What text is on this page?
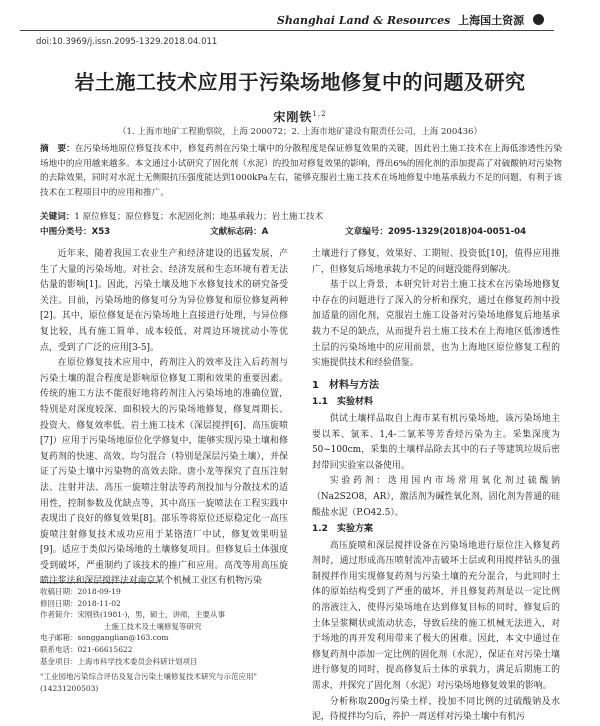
Shanghai Land & Resources 上海国土资源
doi:10.3969/j.issn.2095-1329.2018.04.011
岩土施工技术应用于污染场地修复中的问题及研究
宋刚铁$^{1,2}$
（1. 上海市地矿工程勘察院，上海 200072；2. 上海市地矿建设有限责任公司，上海 200436）
摘　要：在污染场地原位修复技术中，修复药剂在污染土壤中的分散程度是保证修复效果的关键，因此岩土施工技术在上海低渗透性污染场地中的应用越来越多。本文通过小试研究了固化剂（水泥）的投加对修复效果的影响，得出6%的固化剂的添加提高了对硫酸钠对污染物的去除效果，同时对水泥土无侧限抗压强度能达到1000kPa左右，能够克服岩土施工技术在场地修复中地基承载力不足的问题，有利于该技术在工程项目中的应用和推广。
关键词：1 原位修复；原位修复；水泥固化剂；地基承载力；岩土施工技术
中图分类号：X53	文献标志码：A	文章编号：2095-1329(2018)04-0051-04

近年来，随着我国工农业生产和经济建设的迅猛发展，产生了大量的污染场地。对社会、经济发展和生态环境有着无法估量的影响[1]。因此，污染土壤及地下水修复技术的研究备受关注。目前，污染场地的修复可分为异位修复和原位修复两种[2]。其中，原位修复是在污染场地上直接进行处理，与异位修复比较，具有施工简单、成本较低、对周边环境扰动小等优点，受到了广泛的应用[3-5]。

在原位修复技术应用中，药剂注入的效率及注入后药剂与污染土壤的混合程度是影响原位修复工期和效果的重要因素。传统的施工方法不能很好地将药剂注入污染场地的准确位置，特别是对深度较深、面积较大的污染场地修复，修复周期长、投资大、修复效率低。岩土施工技术（深层搅拌[6]、高压旋喷[7]）应用于污染场地原位化学修复中，能够实现污染土壤和修复药剂的快速、高效、均匀混合（特别是深层污染土壤），并保证了污染土壤中污染物的高效去除。唐小龙等探究了直压注射法、注射井法、高压一旋喷注射法等药剂投加与分散技术的适用性，控制参数及优缺点等，其中高压一旋喷法在工程实践中表现出了良好的修复效果[8]。邵乐等将原位还原稳定化一高压旋喷注射修复技术成功应用于某铬渣厂中试，修复效果明显[9]。适应于类似污染场地的土壤修复项目。但修复后土体强度受到破坏，严重制约了该技术的推广和应用。高茂等用高压旋喷注浆法和深层搅拌法对南京某个机械工业区有机物污染

收稿日期：2018-09-19
修回日期：2018-11-02
作者简介：宋刚铁(1981-)，男，硕士，讲师，主要从事
土施工技术及土壤修复等研究
电子邮箱：songganglian@163.com
联系电话：021-66615622
基金项目：上海市科学技术委员会科研计划项目
"工业园地污染综合评估及复合污染土壤修复技术研究与示范应用"(14231200503)

土壤进行了修复，效果好、工期短、投资低[10]，值得应用推广，但修复后场地承载力不足的问题没能得到解决。

基于以上背景，本研究针对岩土施工技术在污染场地修复中存在的问题进行了深入的分析和探究，通过在修复药剂中投加适量的固化剂，克服岩土施工设备对污染场地修复后地基承载力不足的缺点，从而提升岩土施工技术在上海地区低渗透性土层的污染场地中的应用前景，也为上海地区原位修复工程的实施提供技术和经验借鉴。

1　材料与方法
1.1　实验材料

供试土壤样品取自上海市某有机污染场地，该污染场地主要以苯、氯苯、1,4-二氯苯等芳香烃污染为主。采集深度为50~100cm，采集的土壤样品除去其中的石子等建筑垃圾后密封带回实验室以备使用。

实验药剂：选用国内市场常用氧化剂过硫酸钠（Na2S2O8，AR），激活剂为碱性氧化剂，固化剂为普通的硅酸盐水泥（P.O42.5）。

1.2　实验方案

高压旋喷和深层搅拌设备在污染场地进行原位注入修复药剂时，通过形成高压喷射流冲击破坏土层或利用搅拌钻头的强制搅拌作用实现修复药剂与污染土壤的充分混合，与此同时土体的原始结构受到了严重的破坏，并且修复药剂是以一定比例的溶液注入，使得污染场地在达到修复目标的同时，修复后的土体呈浆糊状或流动状态，导致后续的施工机械无法进入，对于场地的再开发利用带来了极大的困难。因此，本文中通过在修复药剂中添加一定比例的固化剂（水泥），保证在对污染土壤进行修复的同时，提高修复后土体的承载力，满足后期施工的需求，并探究了固化剂（水泥）对污染场地修复效果的影响。

分析称取200g污染土样，投加不同比例的过硫酸钠及水泥，待搅拌均匀后，养护一周送样对污染土壤中有机污
